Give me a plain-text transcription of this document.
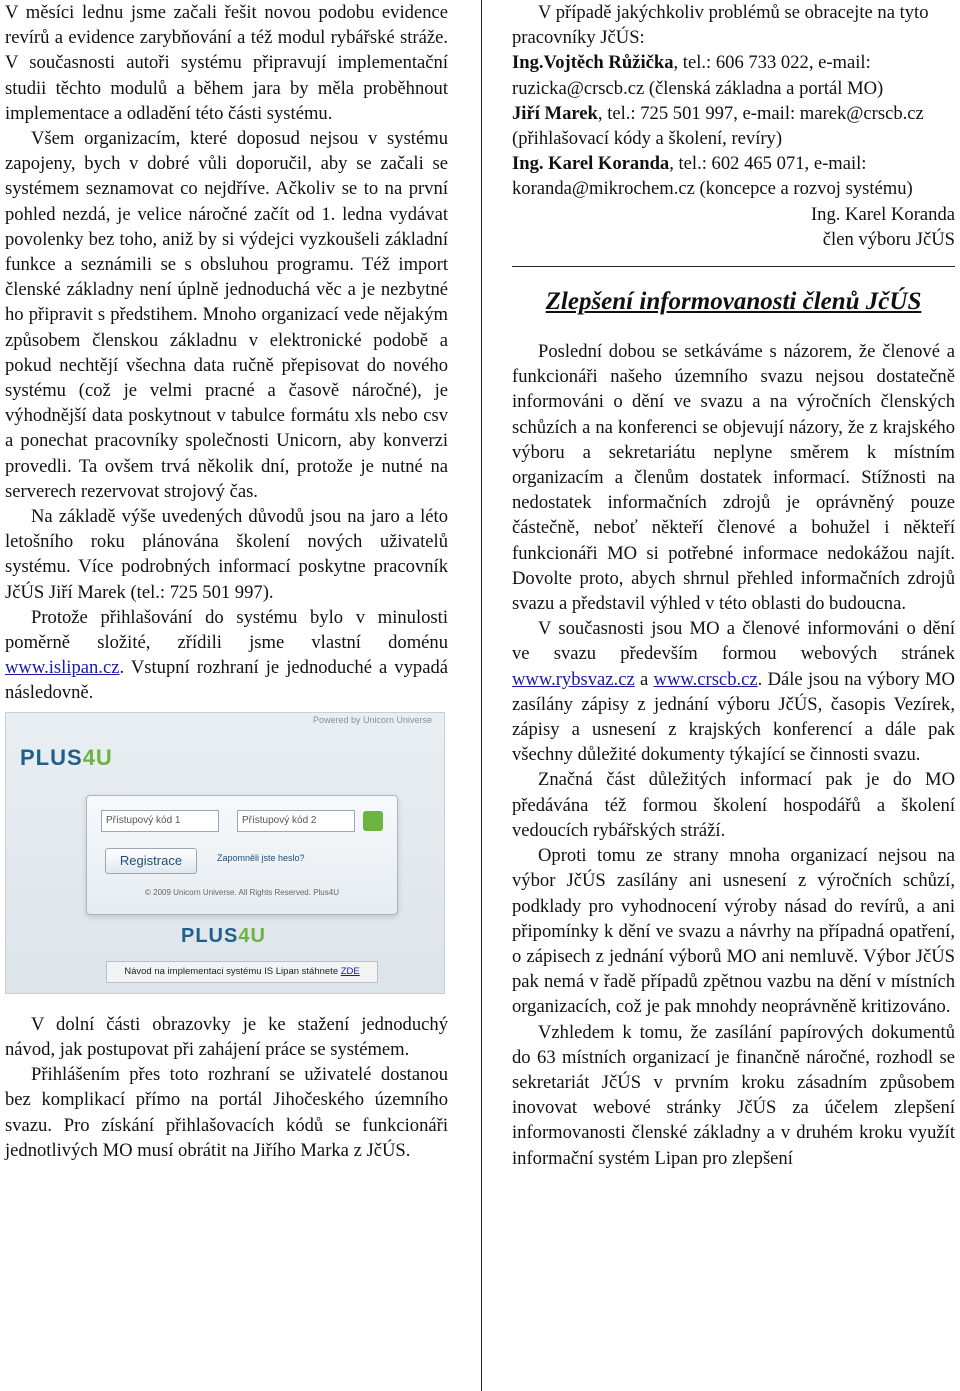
V měsíci lednu jsme začali řešit novou podobu evidence revírů a evidence zarybňování a též modul rybářské stráže. V současnosti autoři systému připravují implementační studii těchto modulů a během jara by měla proběhnout implementace a odladění této části systému.

Všem organizacím, které doposud nejsou v systému zapojeny, bych v dobré vůli doporučil, aby se začali se systémem seznamovat co nejdříve. Ačkoliv se to na první pohled nezdá, je velice náročné začít od 1. ledna vydávat povolenky bez toho, aniž by si výdejci vyzkoušeli základní funkce a seznámili se s obsluhou programu. Též import členské základny není úplně jednoduchá věc a je nezbytné ho připravit s předstihem. Mnoho organizací vede nějakým způsobem členskou základnu v elektronické podobě a pokud nechtějí všechna data ručně přepisovat do nového systému (což je velmi pracné a časově náročné), je výhodnější data poskytnout v tabulce formátu xls nebo csv a ponechat pracovníky společnosti Unicorn, aby konverzi provedli. Ta ovšem trvá několik dní, protože je nutné na serverech rezervovat strojový čas.

Na základě výše uvedených důvodů jsou na jaro a léto letošního roku plánována školení nových uživatelů systému. Více podrobných informací poskytne pracovník JčÚS Jiří Marek (tel.: 725 501 997).

Protože přihlašování do systému bylo v minulosti poměrně složité, zřídili jsme vlastní doménu www.islipan.cz. Vstupní rozhraní je jednoduché a vypadá následovně.

Powered by Unicorn Universe
PLUS4U
Přístupový kód 1	Přístupový kód 2
Registrace	Zapomněli jste heslo?
© 2009 Unicorn Universe. All Rights Reserved. Plus4U
PLUS4U
Návod na implementaci systému IS Lipan stáhnete ZDE

V dolní části obrazovky je ke stažení jednoduchý návod, jak postupovat při zahájení práce se systémem.

Přihlášením přes toto rozhraní se uživatelé dostanou bez komplikací přímo na portál Jihočeského územního svazu. Pro získání přihlašovacích kódů se funkcionáři jednotlivých MO musí obrátit na Jiřího Marka z JčÚS.

V případě jakýchkoliv problémů se obracejte na tyto pracovníky JčÚS:

Ing.Vojtěch Růžička, tel.: 606 733 022, e-mail: ruzicka@crscb.cz (členská základna a portál MO)

Jiří Marek, tel.: 725 501 997, e-mail: marek@crscb.cz (přihlašovací kódy a školení, revíry)

Ing. Karel Koranda, tel.: 602 465 071, e-mail: koranda@mikrochem.cz (koncepce a rozvoj systému)

Ing. Karel Koranda

člen výboru JčÚS

Zlepšení informovanosti členů JčÚS

Poslední dobou se setkáváme s názorem, že členové a funkcionáři našeho územního svazu nejsou dostatečně informováni o dění ve svazu a na výročních členských schůzích a na konferenci se objevují názory, že z krajského výboru a sekretariátu neplyne směrem k místním organizacím a členům dostatek informací. Stížnosti na nedostatek informačních zdrojů je oprávněný pouze částečně, neboť někteří členové a bohužel i někteří funkcionáři MO si potřebné informace nedokážou najít. Dovolte proto, abych shrnul přehled informačních zdrojů svazu a představil výhled v této oblasti do budoucna.

V současnosti jsou MO a členové informováni o dění ve svazu především formou webových stránek www.rybsvaz.cz a www.crscb.cz. Dále jsou na výbory MO zasílány zápisy z jednání výboru JčÚS, časopis Vezírek, zápisy a usnesení z krajských konferencí a dále pak všechny důležité dokumenty týkající se činnosti svazu.

Značná část důležitých informací pak je do MO předávána též formou školení hospodářů a školení vedoucích rybářských stráží.

Oproti tomu ze strany mnoha organizací nejsou na výbor JčÚS zasílány ani usnesení z výročních schůzí, podklady pro vyhodnocení výroby násad do revírů, a ani připomínky k dění ve svazu a návrhy na případná opatření, o zápisech z jednání výborů MO ani nemluvě. Výbor JčÚS pak nemá v řadě případů zpětnou vazbu na dění v místních organizacích, což je pak mnohdy neoprávněně kritizováno.

Vzhledem k tomu, že zasílání papírových dokumentů do 63 místních organizací je finančně náročné, rozhodl se sekretariát JčÚS v prvním kroku zásadním způsobem inovovat webové stránky JčÚS za účelem zlepšení informovanosti členské základny a v druhém kroku využít informační systém Lipan pro zlepšení
